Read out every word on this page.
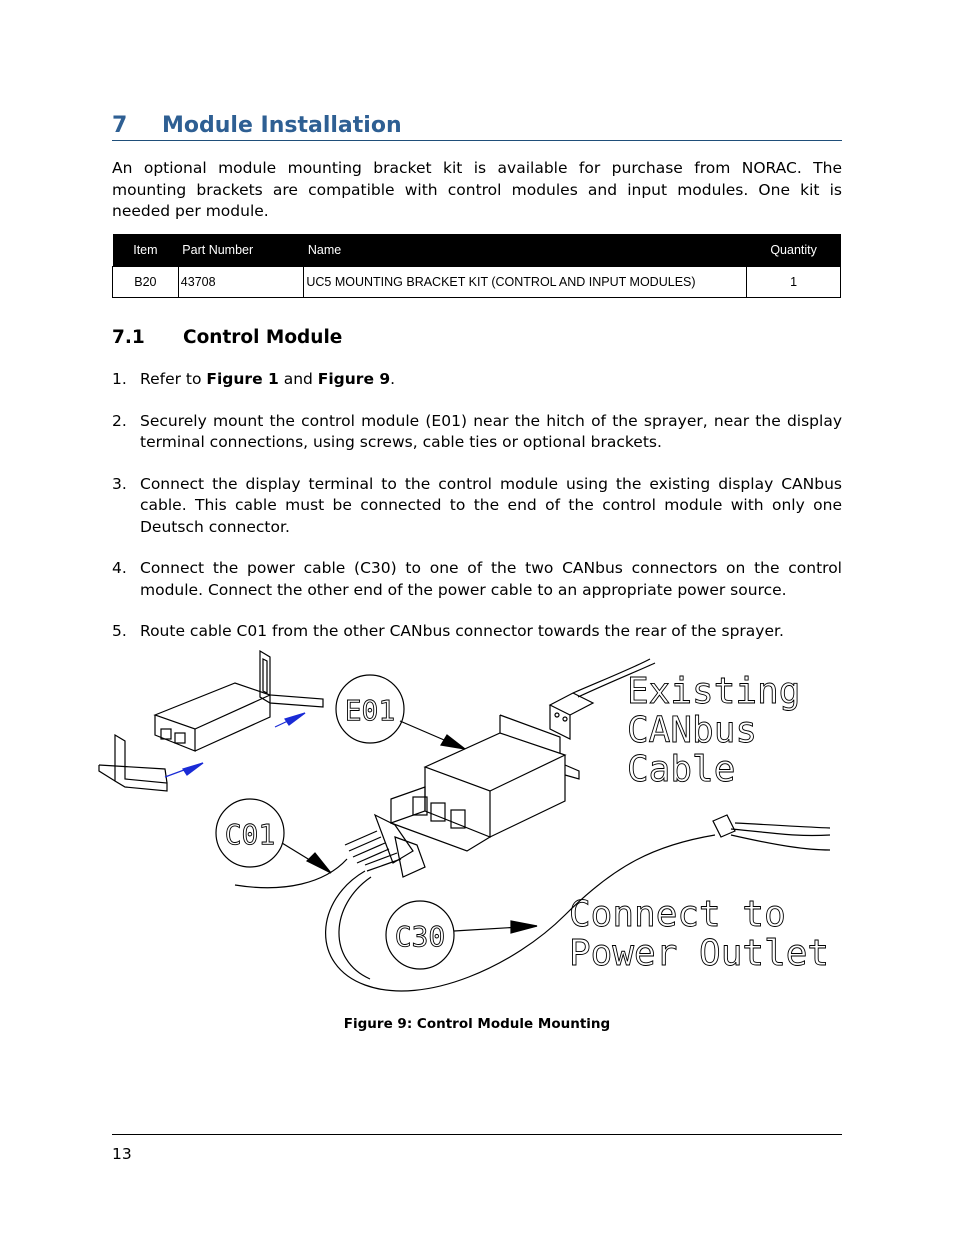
7 Module Installation
An optional module mounting bracket kit is available for purchase from NORAC. The mounting brackets are compatible with control modules and input modules. One kit is needed per module.
Item	Part Number	Name	Quantity
B20	43708	UC5 MOUNTING BRACKET KIT (CONTROL AND INPUT MODULES)	1
7.1 Control Module
1. Refer to Figure 1 and Figure 9.
2. Securely mount the control module (E01) near the hitch of the sprayer, near the display terminal connections, using screws, cable ties or optional brackets.
3. Connect the display terminal to the control module using the existing display CANbus cable. This cable must be connected to the end of the control module with only one Deutsch connector.
4. Connect the power cable (C30) to one of the two CANbus connectors on the control module. Connect the other end of the power cable to an appropriate power source.
5. Route cable C01 from the other CANbus connector towards the rear of the sprayer.
E01
C01
C30
Existing
CANbus
Cable
Connect to
Power Outlet
Figure 9: Control Module Mounting
13
